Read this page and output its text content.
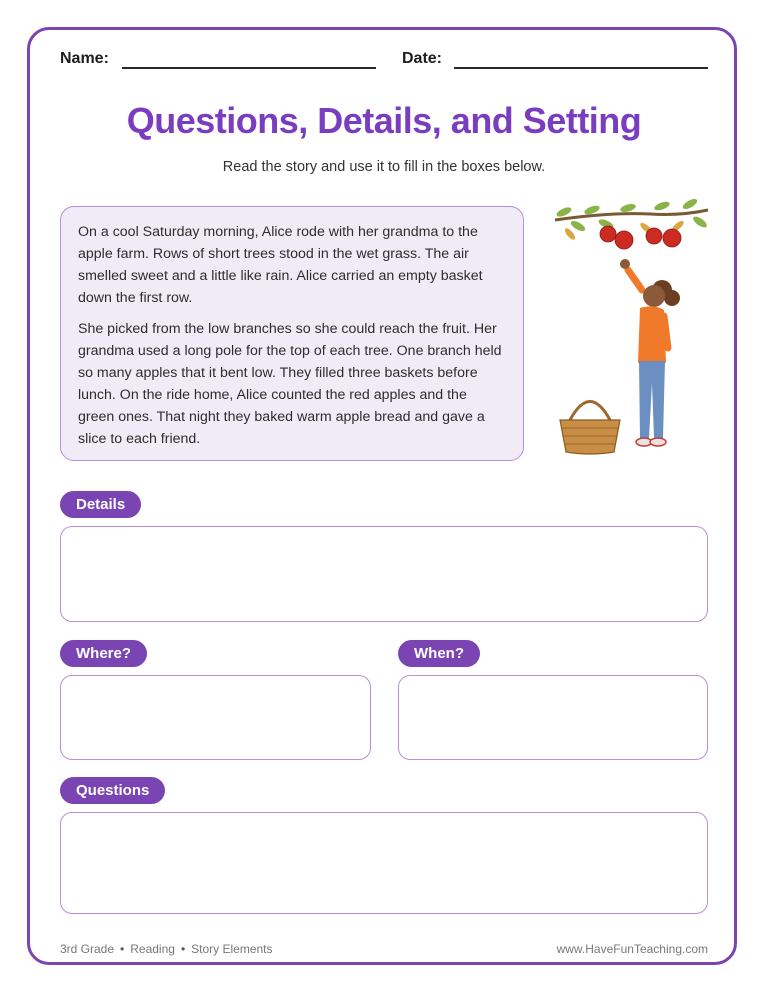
Name:	Date:
Questions, Details, and Setting
Read the story and use it to fill in the boxes below.

On a cool Saturday morning, Alice rode with her grandma to the apple farm. Rows of short trees stood in the wet grass. The air smelled sweet and a little like rain. Alice carried an empty basket down the first row.

She picked from the low branches so she could reach the fruit. Her grandma used a long pole for the top of each tree. One branch held so many apples that it bent low. They filled three baskets before lunch. On the ride home, Alice counted the red apples and the green ones. That night they baked warm apple bread and gave a slice to each friend.

Details
Where?	When?
Questions
3rd Grade • Reading • Story Elements	www.HaveFunTeaching.com
